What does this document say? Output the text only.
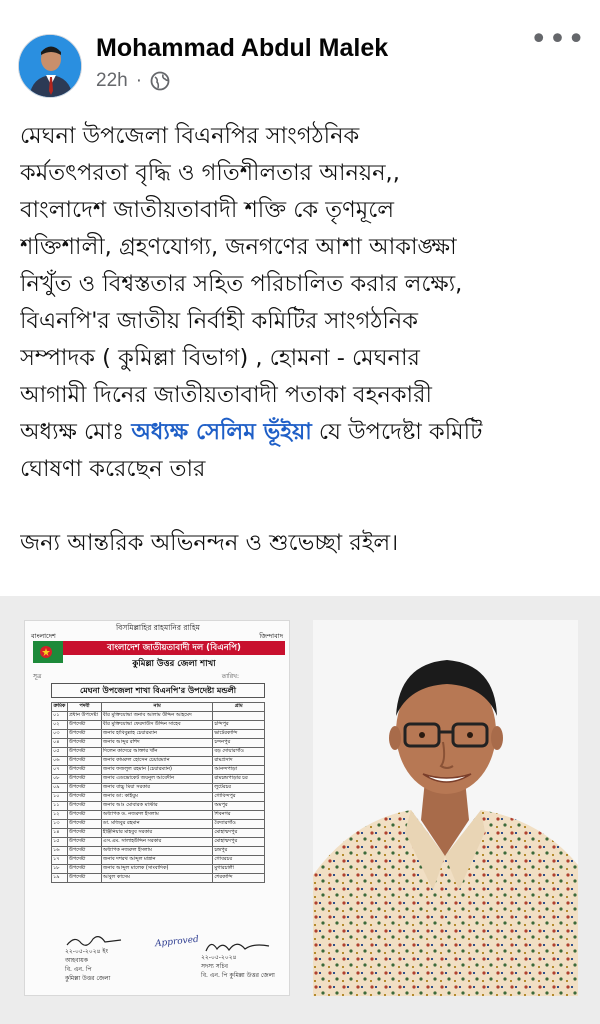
Mohammad Abdul Malek
22h ·
•••

মেঘনা উপজেলা বিএনপির সাংগঠনিক

কর্মতৎপরতা বৃদ্ধি ও গতিশীলতার আনয়ন,,

বাংলাদেশ জাতীয়তাবাদী শক্তি কে তৃণমূলে

শক্তিশালী, গ্রহণযোগ্য, জনগণের আশা আকাঙ্ক্ষা

নিখুঁত ও বিশ্বস্ততার সহিত পরিচালিত করার লক্ষ্যে,

বিএনপি'র জাতীয় নির্বাহী কমিটির সাংগঠনিক

সম্পাদক ( কুমিল্লা বিভাগ) , হোমনা - মেঘনার

আগামী দিনের জাতীয়তাবাদী পতাকা বহনকারী

অধ্যক্ষ মোঃ অধ্যক্ষ সেলিম ভূঁইয়া যে উপদেষ্টা কমিটি

ঘোষণা করেছেন তার

জন্য আন্তরিক অভিনন্দন ও শুভেচ্ছা রইল।

বিসমিল্লাহির রাহমানির রাহিম
বাংলাদেশ	জিন্দাবাদ
বাংলাদেশ জাতীয়তাবাদী দল (বিএনপি)
কুমিল্লা উত্তর জেলা শাখা
সূত্র	তারিখ:
মেঘনা উপজেলা শাখা বিএনপি'র উপদেষ্টা মন্ডলী
ক্রমিক	পদবী	নাম	গ্রাম
০১	প্রধান উপদেষ্টা	বীর মুক্তিযোদ্ধা জনাব আলাম উদ্দিন আহমেদ	
০২	উপদেষ্টা	বীর মুক্তিযোদ্ধা ফেরদাউস উদ্দিন সাহেব	চন্দিপুর
০৩	উপদেষ্টা	জনাব হাবিবুল্লাহ চেয়ারম্যান	ভাটেরকান্দি
০৪	উপদেষ্টা	জনাব আব্দুর রশিদ	চন্দনপুর
০৫	উপদেষ্টা	দিলেন কাদেরে আক্তার খাঁন	বড় দোয়ারগাঁও
০৬	উপদেষ্টা	জনাব কামরুল হোসেন চেয়ারম্যান	রামপ্রসাদ
০৭	উপদেষ্টা	জনাব ফজলুল রহমান (চেয়ারম্যান)	আনন্দপাড়া
০৮	উপদেষ্টা	জনাব এডভোকেট জয়নুল আবেদীন	রামচন্দ্রপাড়ার চর
০৯	উপদেষ্টা	জনাব বাচ্চু মিয়া সরকার	লুটেরচর
১০	উপদেষ্টা	জনাব ডা: কাইয়ুম	গোবিন্দপুর
১১	উপদেষ্টা	জনাব আঃ মোবারক মাস্টার	অমপুর
১২	উপদেষ্টা	অধ্যাপক ড. নজরুল ইসলাম	শিবনগর
১৩	উপদেষ্টা	ডা. মজিবুর রহমান	বৈদ্যারগাঁও
১৪	উপদেষ্টা	ইঞ্জিনিয়ার মাহবুব সরকার	মোহাম্মদপুর
১৫	উপদেষ্টা	এস.এম. সালাহউদ্দিন সরকার	মোহাম্মদপুর
১৬	উপদেষ্টা	অধ্যাপক নজরুল ইসলাম	চন্দ্রপুর
১৭	উপদেষ্টা	জনাব দশরথ আব্দুল মান্নান	গোবরচর
১৮	উপদেষ্টা	জনাব আব্দুল মালেক (সাংবাদিক)	মুগারচালী
১৯	উপদেষ্টা	আবুল কাসেম	শেরকান্দি
Approved
২২-০৫-২০২৪ ইং
আহবায়ক
বি. এন. পি
কুমিল্লা উত্তর জেলা
২২-০৫-২০২৪
সদস্য সচিব
বি. এন. পি কুমিল্লা উত্তর জেলা
